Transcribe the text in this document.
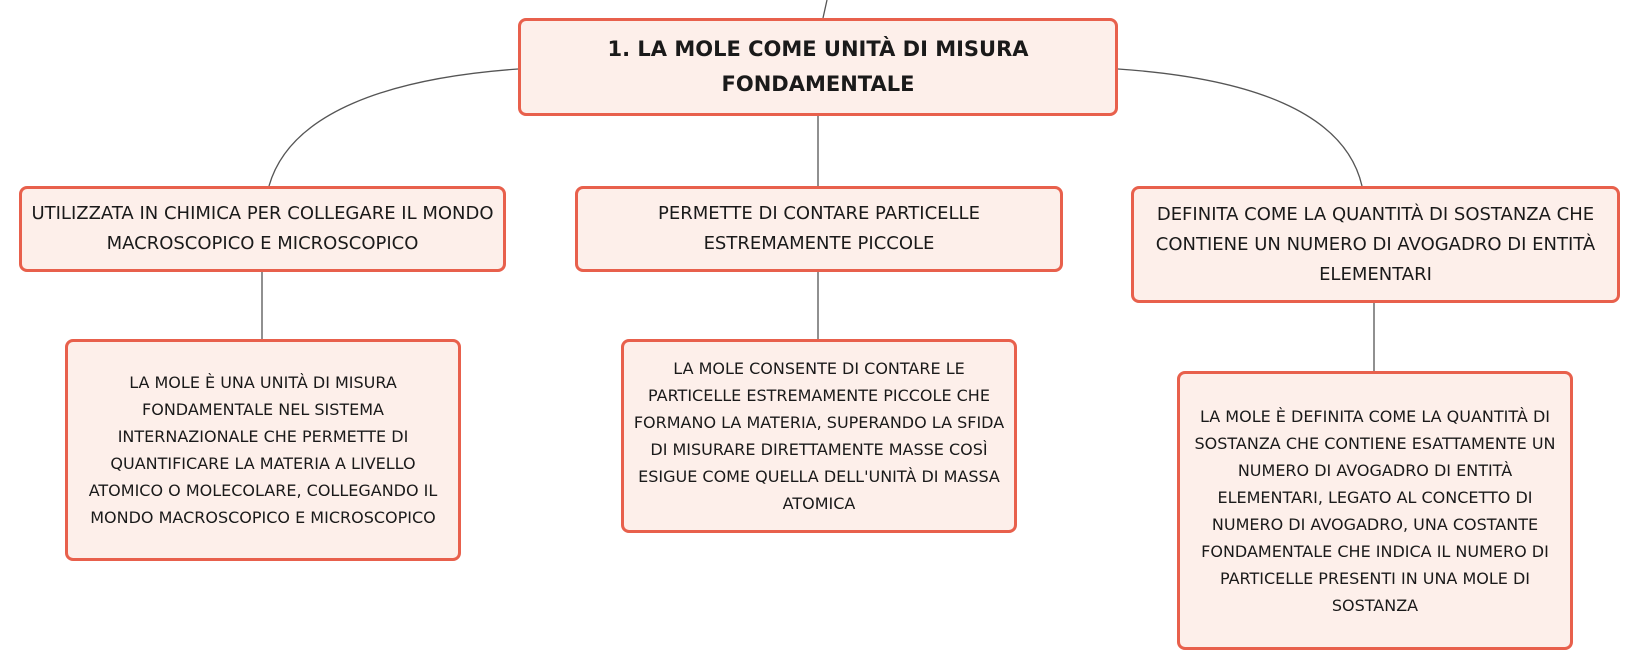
1. LA MOLE COME UNITÀ DI MISURA FONDAMENTALE
UTILIZZATA IN CHIMICA PER COLLEGARE IL MONDO MACROSCOPICO E MICROSCOPICO
PERMETTE DI CONTARE PARTICELLE ESTREMAMENTE PICCOLE
DEFINITA COME LA QUANTITÀ DI SOSTANZA CHE CONTIENE UN NUMERO DI AVOGADRO DI ENTITÀ ELEMENTARI
LA MOLE È UNA UNITÀ DI MISURA FONDAMENTALE NEL SISTEMA INTERNAZIONALE CHE PERMETTE DI QUANTIFICARE LA MATERIA A LIVELLO ATOMICO O MOLECOLARE, COLLEGANDO IL MONDO MACROSCOPICO E MICROSCOPICO
LA MOLE CONSENTE DI CONTARE LE PARTICELLE ESTREMAMENTE PICCOLE CHE FORMANO LA MATERIA, SUPERANDO LA SFIDA DI MISURARE DIRETTAMENTE MASSE COSÌ ESIGUE COME QUELLA DELL'UNITÀ DI MASSA ATOMICA
LA MOLE È DEFINITA COME LA QUANTITÀ DI SOSTANZA CHE CONTIENE ESATTAMENTE UN NUMERO DI AVOGADRO DI ENTITÀ ELEMENTARI, LEGATO AL CONCETTO DI NUMERO DI AVOGADRO, UNA COSTANTE FONDAMENTALE CHE INDICA IL NUMERO DI PARTICELLE PRESENTI IN UNA MOLE DI SOSTANZA
